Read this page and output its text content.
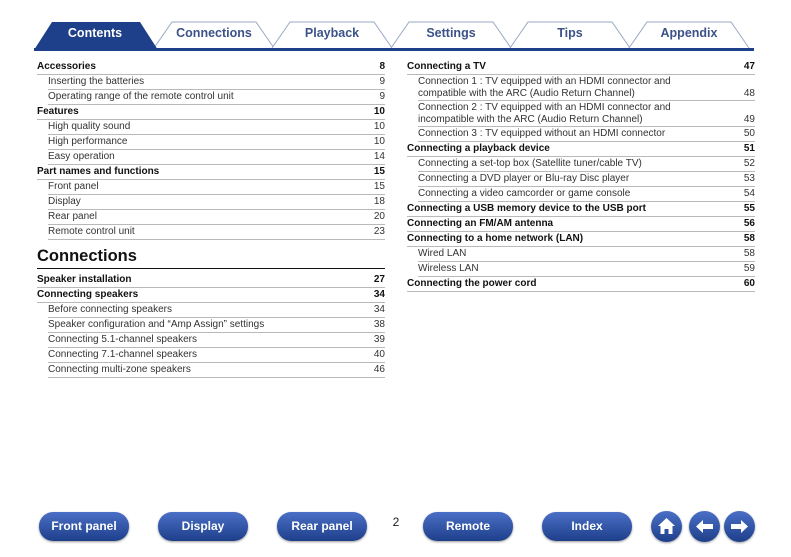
Contents	Connections	Playback	Settings	Tips	Appendix
Accessories	8
Inserting the batteries	9
Operating range of the remote control unit	9
Features	10
High quality sound	10
High performance	10
Easy operation	14
Part names and functions	15
Front panel	15
Display	18
Rear panel	20
Remote control unit	23
Connections
Speaker installation	27
Connecting speakers	34
Before connecting speakers	34
Speaker configuration and “Amp Assign” settings	38
Connecting 5.1-channel speakers	39
Connecting 7.1-channel speakers	40
Connecting multi-zone speakers	46
Connecting a TV	47
Connection 1 : TV equipped with an HDMI connector and
compatible with the ARC (Audio Return Channel)	48
Connection 2 : TV equipped with an HDMI connector and
incompatible with the ARC (Audio Return Channel)	49
Connection 3 : TV equipped without an HDMI connector	50
Connecting a playback device	51
Connecting a set-top box (Satellite tuner/cable TV)	52
Connecting a DVD player or Blu-ray Disc player	53
Connecting a video camcorder or game console	54
Connecting a USB memory device to the USB port	55
Connecting an FM/AM antenna	56
Connecting to a home network (LAN)	58
Wired LAN	58
Wireless LAN	59
Connecting the power cord	60
Front panel	Display	Rear panel	2	Remote	Index
